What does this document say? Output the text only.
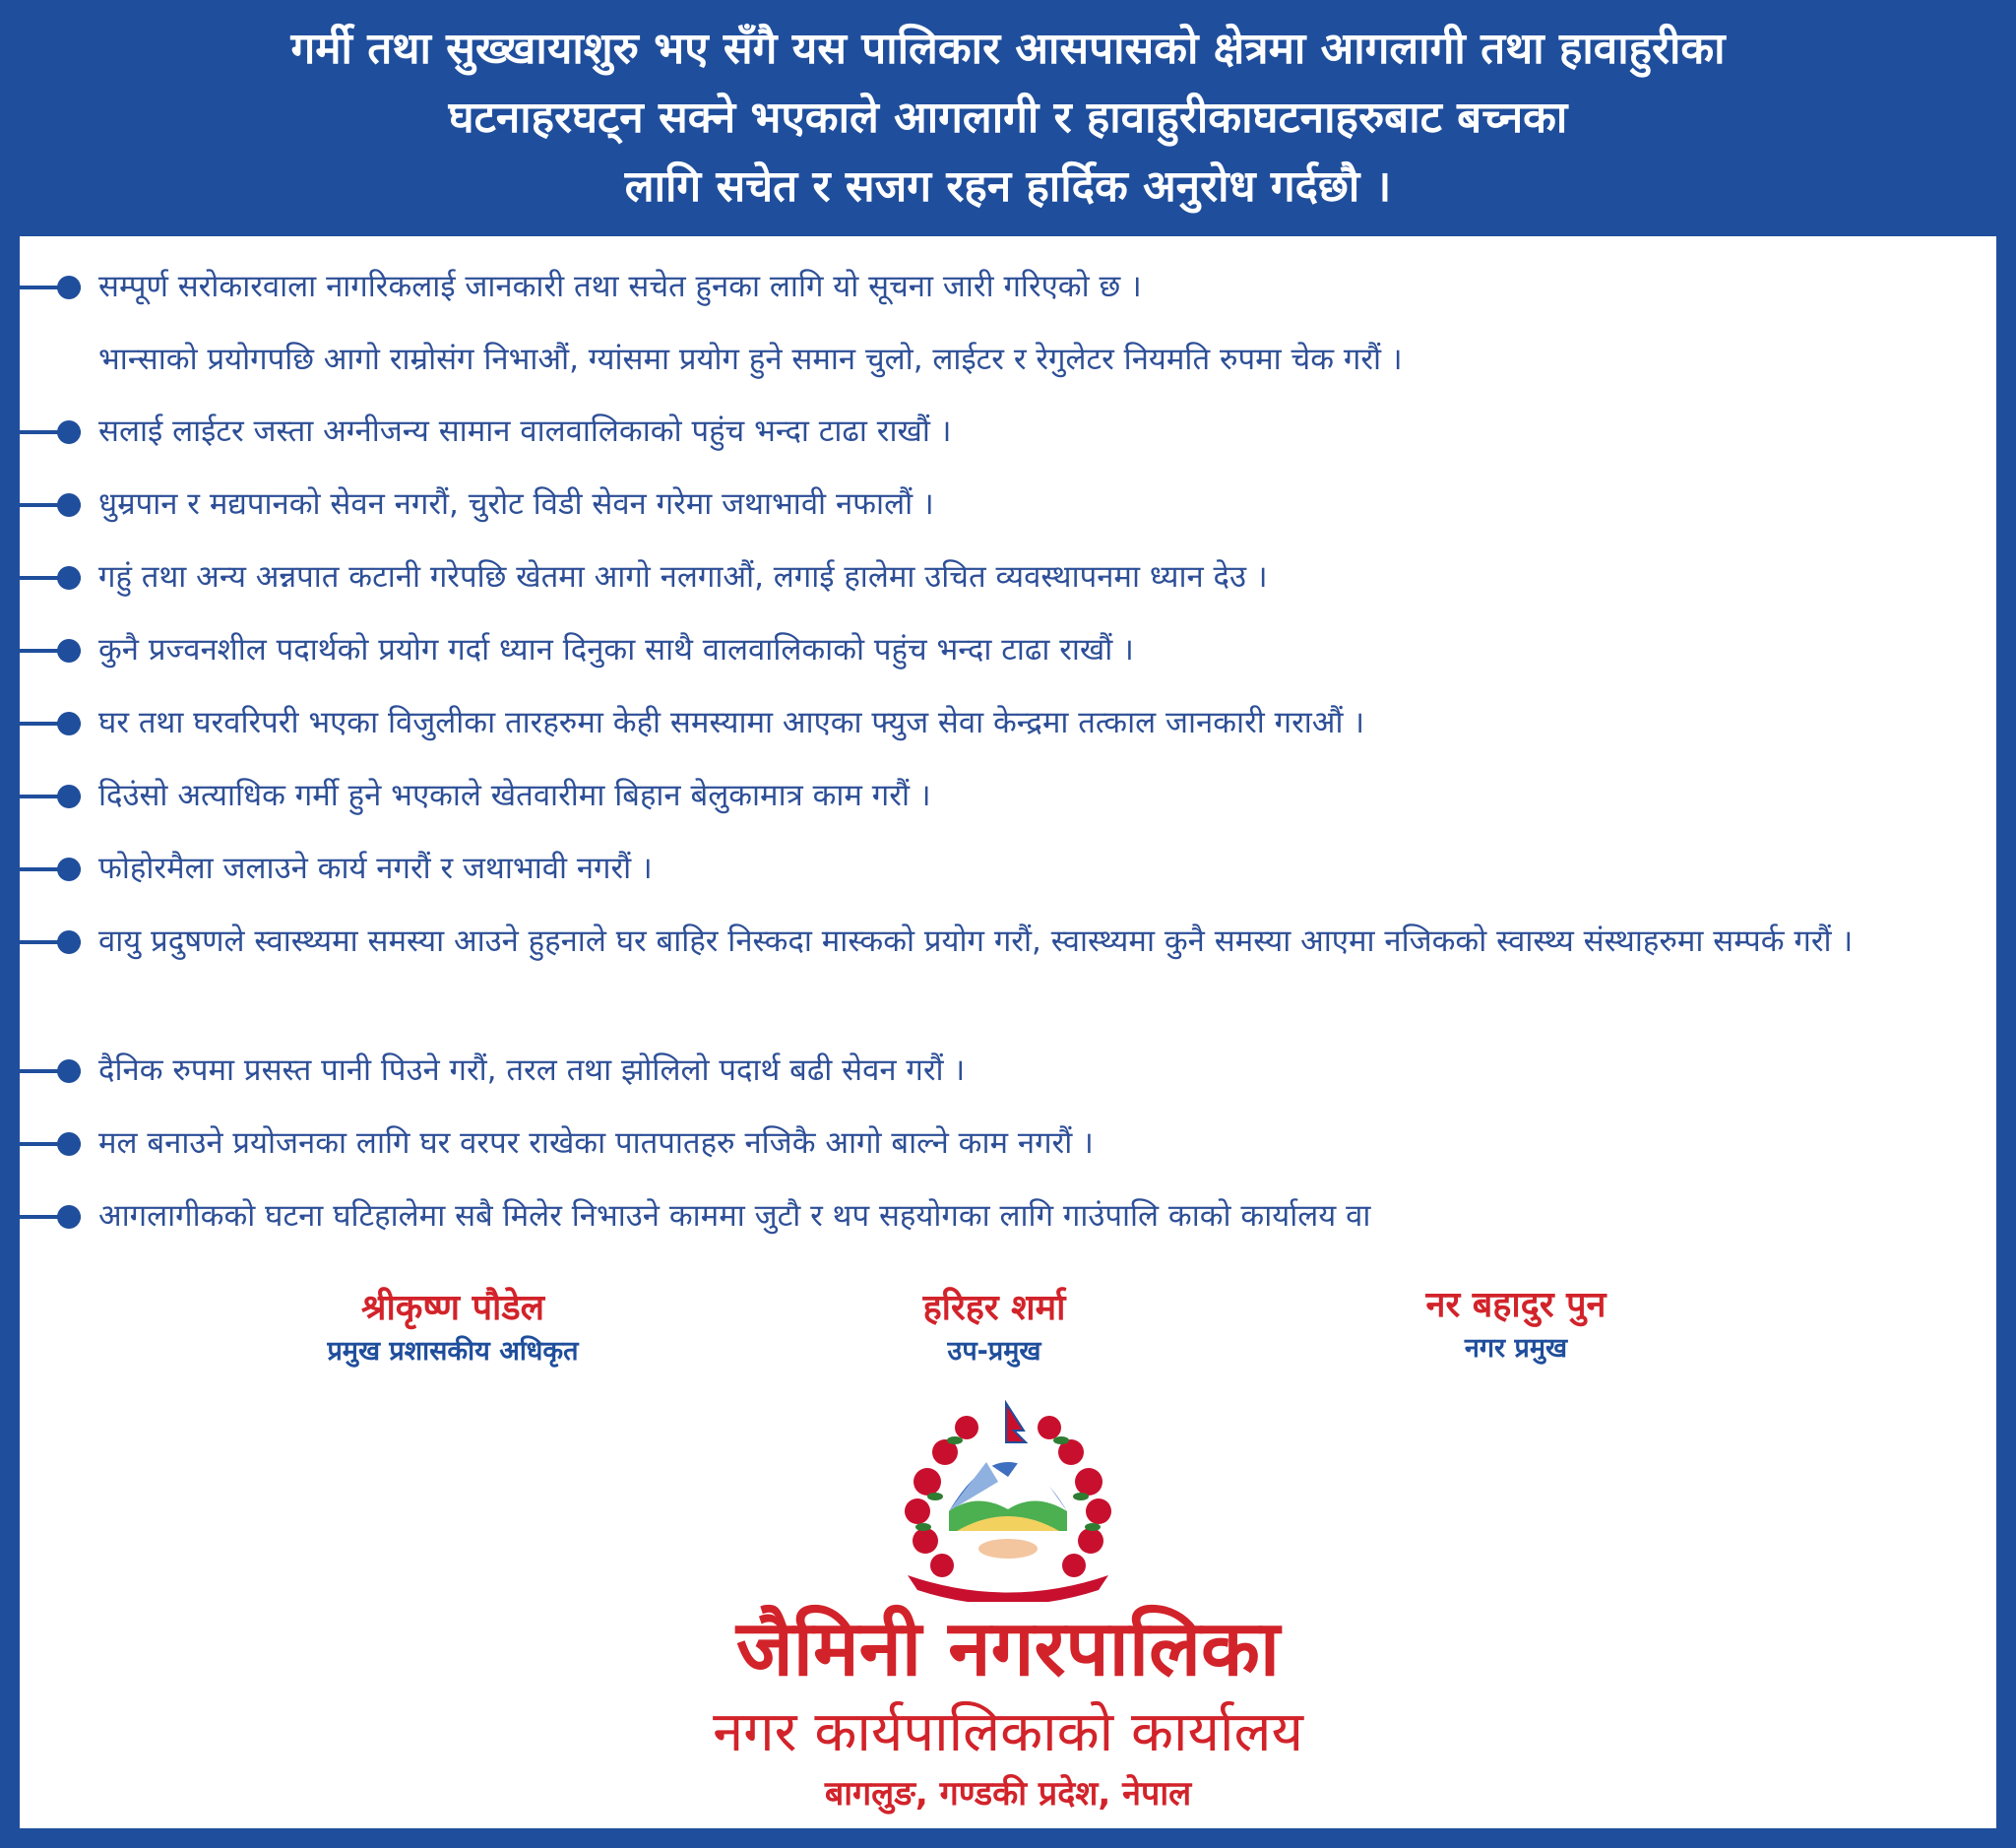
गर्मी तथा सुख्खायाशुरु भए सँगै यस पालिकार आसपासको क्षेत्रमा आगलागी तथा हावाहुरीका
घटनाहरघट्न सक्ने भएकाले आगलागी र हावाहुरीकाघटनाहरुबाट बच्नका
लागि सचेत र सजग रहन हार्दिक अनुरोध गर्दछौ ।
सम्पूर्ण सरोकारवाला नागरिकलाई जानकारी तथा सचेत हुनका लागि यो सूचना जारी गरिएको छ ।
भान्साको प्रयोगपछि आगो राम्रोसंग निभाऔं, ग्यांसमा प्रयोग हुने समान चुलो, लाईटर र रेगुलेटर नियमति रुपमा चेक गरौं ।
सलाई लाईटर जस्ता अग्नीजन्य सामान वालवालिकाको पहुंच भन्दा टाढा राखौं ।
धुम्रपान र मद्यपानको सेवन नगरौं, चुरोट विडी सेवन गरेमा जथाभावी नफालौं ।
गहुं तथा अन्य अन्नपात कटानी गरेपछि खेतमा आगो नलगाऔं, लगाई हालेमा उचित व्यवस्थापनमा ध्यान देउ ।
कुनै प्रज्वनशील पदार्थको प्रयोग गर्दा ध्यान दिनुका साथै वालवालिकाको पहुंच भन्दा टाढा राखौं ।
घर तथा घरवरिपरी भएका विजुलीका तारहरुमा केही समस्यामा आएका फ्युज सेवा केन्द्रमा तत्काल जानकारी गराऔं ।
दिउंसो अत्याधिक गर्मी हुने भएकाले खेतवारीमा बिहान बेलुकामात्र काम गरौं ।
फोहोरमैला जलाउने कार्य नगरौं र जथाभावी नगरौं ।
वायु प्रदुषणले स्वास्थ्यमा समस्या आउने हुहनाले घर बाहिर निस्कदा मास्कको प्रयोग गरौं, स्वास्थ्यमा कुनै समस्या आएमा नजिकको स्वास्थ्य संस्थाहरुमा सम्पर्क गरौं ।
दैनिक रुपमा प्रसस्त पानी पिउने गरौं, तरल तथा झोलिलो पदार्थ बढी सेवन गरौं ।
मल बनाउने प्रयोजनका लागि घर वरपर राखेका पातपातहरु नजिकै आगो बाल्ने काम नगरौं ।
आगलागीकको घटना घटिहालेमा सबै मिलेर निभाउने काममा जुटौ र थप सहयोगका लागि गाउंपालि काको कार्यालय वा
श्रीकृष्ण पौडेल
प्रमुख प्रशासकीय अधिकृत
हरिहर शर्मा
उप-प्रमुख
नर बहादुर पुन
नगर प्रमुख
जैमिनी नगरपालिका
नगर कार्यपालिकाको कार्यालय
बागलुङ, गण्डकी प्रदेश, नेपाल
